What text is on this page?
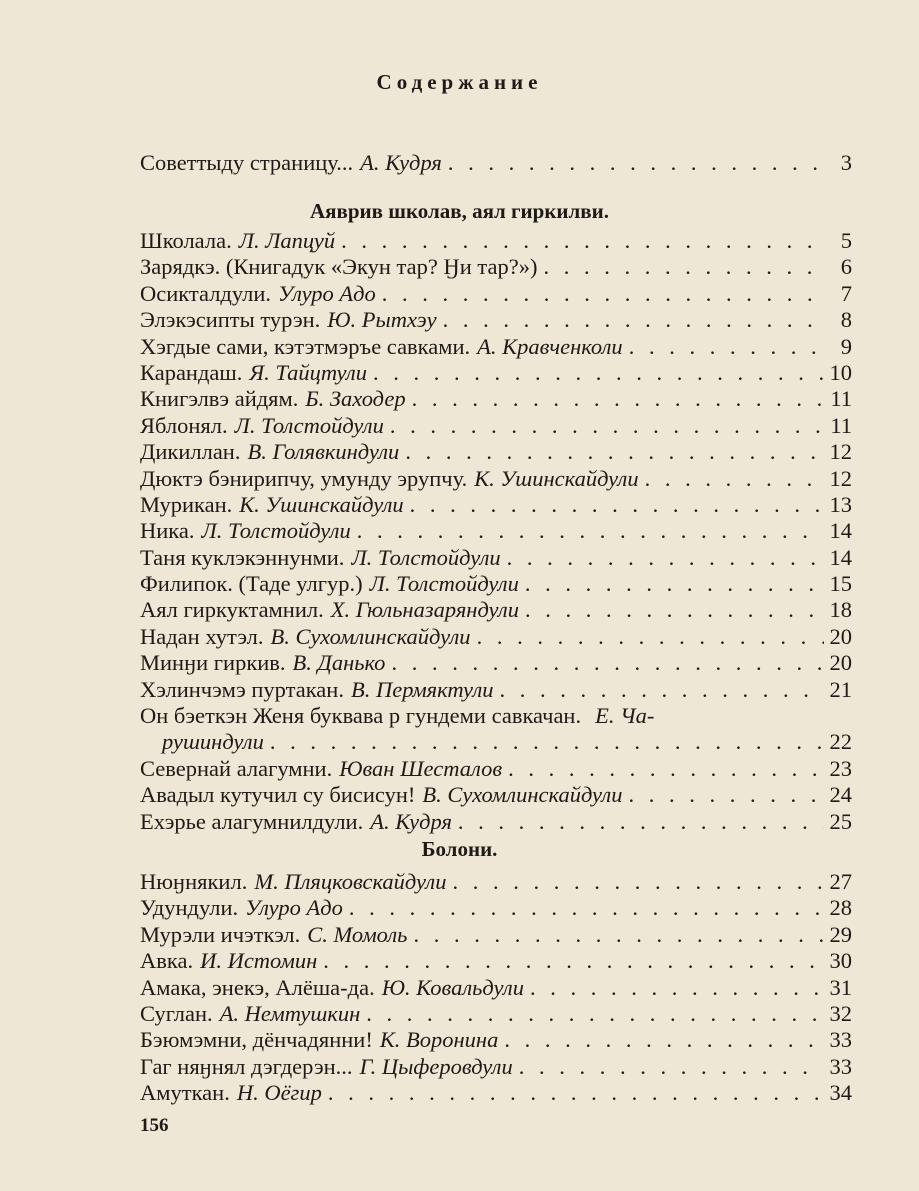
Содержание
Советтыду страницу... А. Кудря . . .	3
Аяврив школав, аял гиркилви.
Школала. Л. Лапцуй . . .	5
Зарядкэ. (Книгадук «Экун тар? Ӈи тар?») . . .	6
Осикталдули. Улуро Адо . . .	7
Элэкэсипты турэн. Ю. Рытхэу . . .	8
Хэгдые сами, кэтэтмэръе савками. А. Кравченколи . . .	9
Карандаш. Я. Тайцтули . . .	10
Книгэлвэ айдям. Б. Заходер . . .	11
Яблонял. Л. Толстойдули . . .	11
Дикиллан. В. Голявкиндули . . .	12
Дюктэ бэнирипчу, умунду эрупчу. К. Ушинскайдули . . .	12
Мурикан. К. Ушинскайдули . . .	13
Ника. Л. Толстойдули . . .	14
Таня куклэкэннунми. Л. Толстойдули . . .	14
Филипок. (Таде улгур.) Л. Толстойдули . . .	15
Аял гиркуктамнил. Х. Гюльназаряндули . . .	18
Надан хутэл. В. Сухомлинскайдули . . .	20
Минӈи гиркив. В. Данько . . .	20
Хэлинчэмэ пуртакан. В. Пермяктули . . .	21
Он бэеткэн Женя буквава р гундеми савкачан. Е. Ча-
рушиндули . . .	22
Севернай алагумни. Юван Шесталов . . .	23
Авадыл кутучил су бисисун! В. Сухомлинскайдули . . .	24
Ехэрье алагумнилдули. А. Кудря . . .	25
Болони.
Нюӈнякил. М. Пляцковскайдули . . .	27
Удундули. Улуро Адо . . .	28
Мурэли ичэткэл. С. Момоль . . .	29
Авка. И. Истомин . . .	30
Амака, энекэ, Алёша-да. Ю. Ковальдули . . .	31
Суглан. А. Немтушкин . . .	32
Бэюмэмни, дёнчадянни! К. Воронина . . .	33
Гаг няӈнял дэгдерэн... Г. Цыферовдули . . .	33
Амуткан. Н. Оёгир . . .	34
156
